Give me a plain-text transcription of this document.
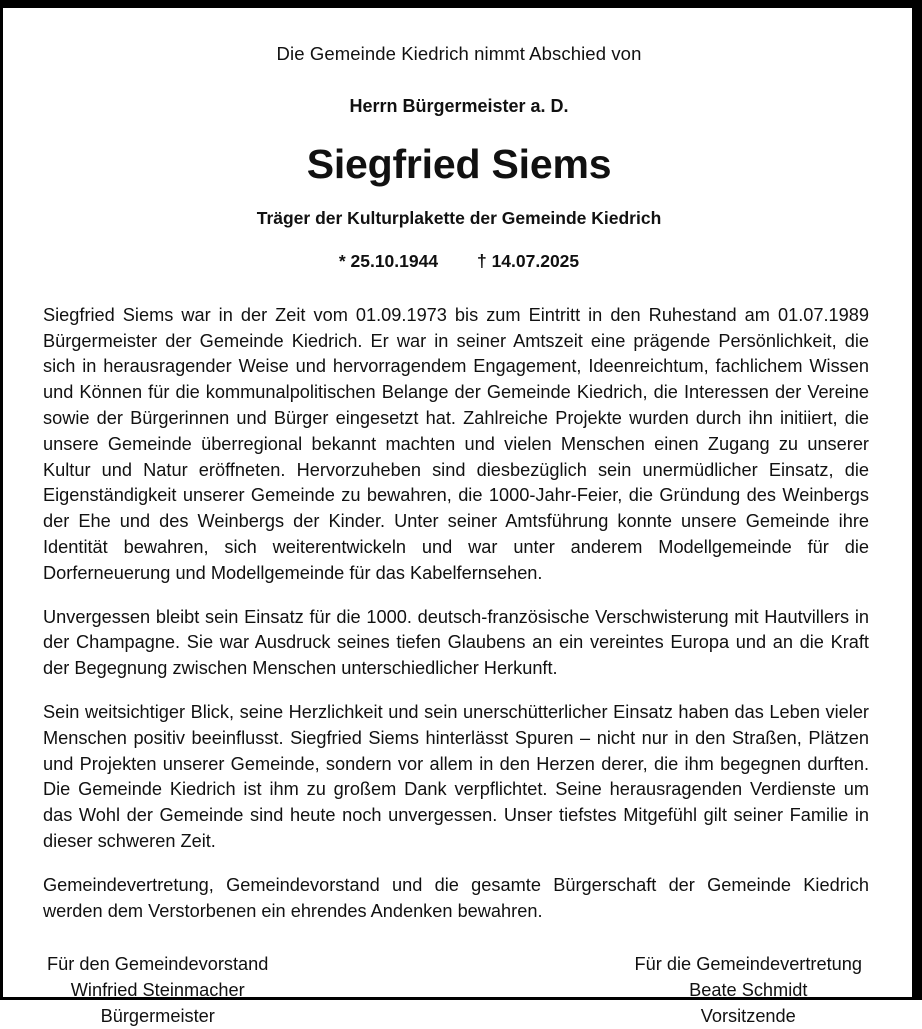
Die Gemeinde Kiedrich nimmt Abschied von
Herrn Bürgermeister a. D.
Siegfried Siems
Träger der Kulturplakette der Gemeinde Kiedrich
* 25.10.1944 † 14.07.2025

Siegfried Siems war in der Zeit vom 01.09.1973 bis zum Eintritt in den Ruhestand am 01.07.1989 Bürgermeister der Gemeinde Kiedrich. Er war in seiner Amtszeit eine prägende Persönlichkeit, die sich in herausragender Weise und hervorragendem Engagement, Ideenreichtum, fachlichem Wissen und Können für die kommunalpolitischen Belange der Gemeinde Kiedrich, die Interessen der Vereine sowie der Bürgerinnen und Bürger eingesetzt hat. Zahlreiche Projekte wurden durch ihn initiiert, die unsere Gemeinde überregional bekannt machten und vielen Menschen einen Zugang zu unserer Kultur und Natur eröffneten. Hervorzuheben sind diesbezüglich sein unermüdlicher Einsatz, die Eigenständigkeit unserer Gemeinde zu bewahren, die 1000-Jahr-Feier, die Gründung des Weinbergs der Ehe und des Weinbergs der Kinder. Unter seiner Amtsführung konnte unsere Gemeinde ihre Identität bewahren, sich weiterentwickeln und war unter anderem Modellgemeinde für die Dorferneuerung und Modellgemeinde für das Kabelfernsehen.

Unvergessen bleibt sein Einsatz für die 1000. deutsch-französische Verschwisterung mit Hautvillers in der Champagne. Sie war Ausdruck seines tiefen Glaubens an ein vereintes Europa und an die Kraft der Begegnung zwischen Menschen unterschiedlicher Herkunft.

Sein weitsichtiger Blick, seine Herzlichkeit und sein unerschütterlicher Einsatz haben das Leben vieler Menschen positiv beeinflusst. Siegfried Siems hinterlässt Spuren – nicht nur in den Straßen, Plätzen und Projekten unserer Gemeinde, sondern vor allem in den Herzen derer, die ihm begegnen durften. Die Gemeinde Kiedrich ist ihm zu großem Dank verpflichtet. Seine herausragenden Verdienste um das Wohl der Gemeinde sind heute noch unvergessen. Unser tiefstes Mitgefühl gilt seiner Familie in dieser schweren Zeit.

Gemeindevertretung, Gemeindevorstand und die gesamte Bürgerschaft der Gemeinde Kiedrich werden dem Verstorbenen ein ehrendes Andenken bewahren.

Für den Gemeindevorstand
Winfried Steinmacher
Bürgermeister
Für die Gemeindevertretung
Beate Schmidt
Vorsitzende
